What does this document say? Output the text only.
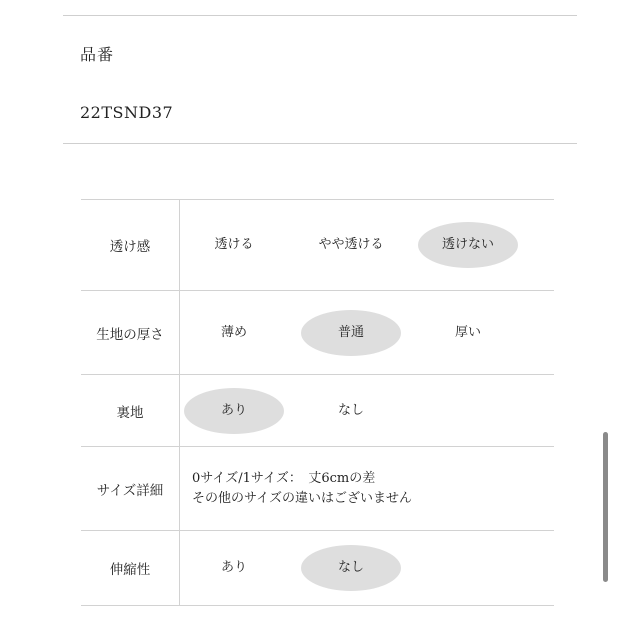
品番
22TSND37
透け感	透ける やや透ける 透けない

生地の厚さ	薄め 普通 厚い

裏地	あり なし

サイズ詳細	0サイズ/1サイズ：　丈6cmの差
その他のサイズの違いはございません

伸縮性	あり なし
